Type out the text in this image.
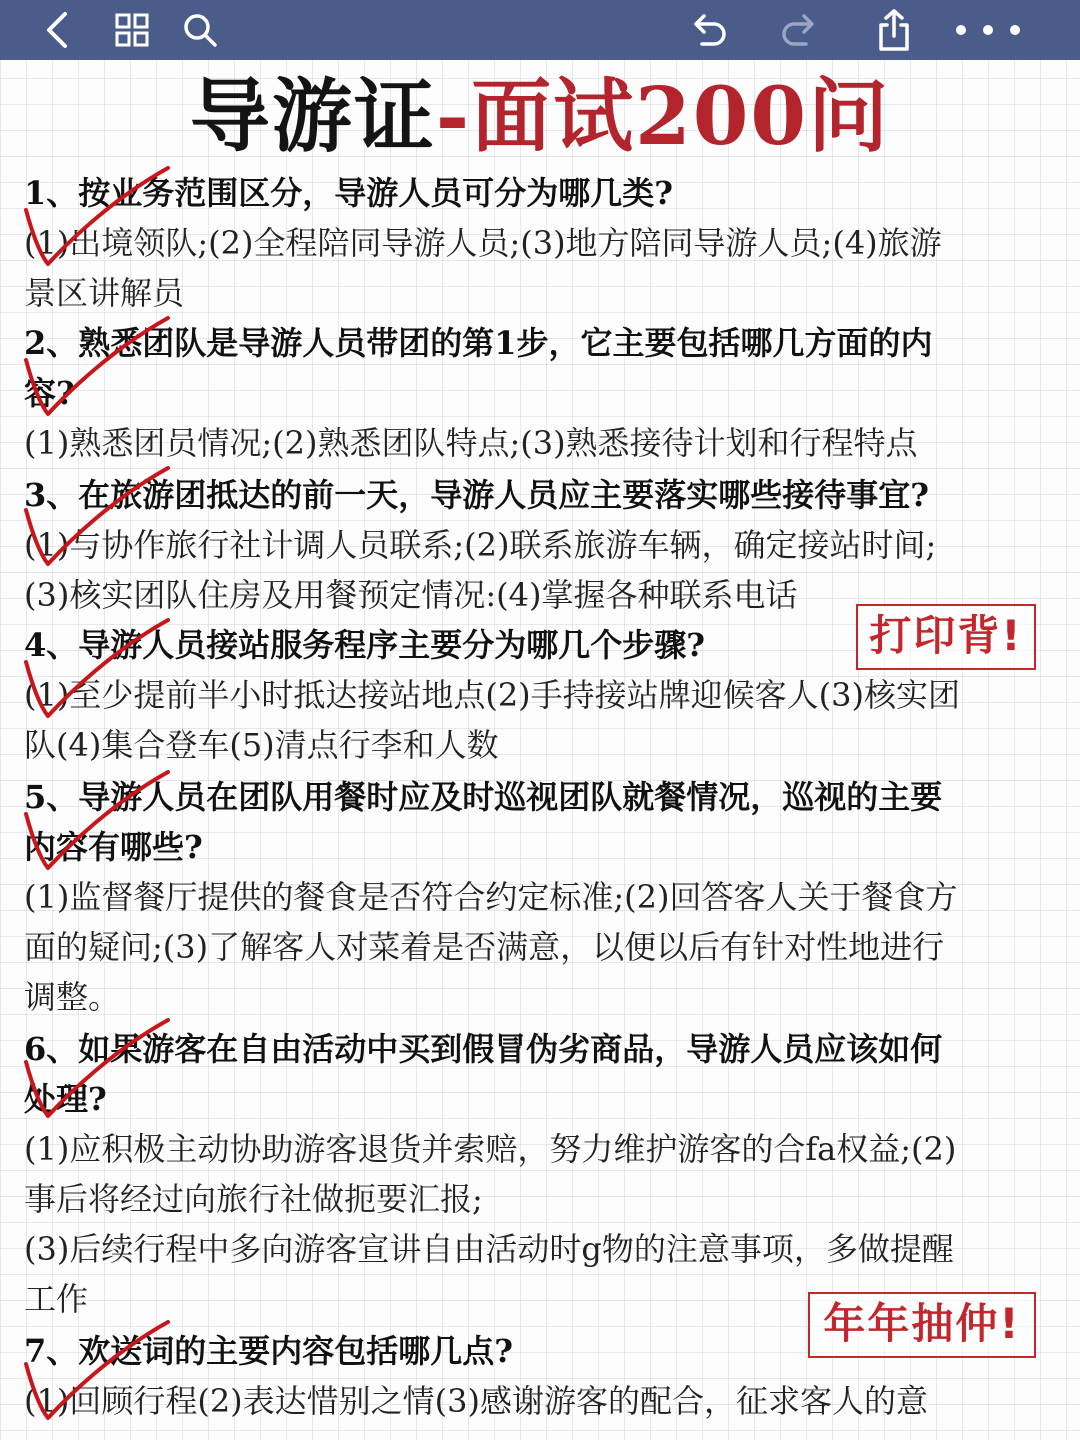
导游证-面试200问
1、按业务范围区分，导游人员可分为哪几类?
(1)出境领队;(2)全程陪同导游人员;(3)地方陪同导游人员;(4)旅游
景区讲解员
2、熟悉团队是导游人员带团的第1步，它主要包括哪几方面的内
容?
(1)熟悉团员情况;(2)熟悉团队特点;(3)熟悉接待计划和行程特点
3、在旅游团抵达的前一天，导游人员应主要落实哪些接待事宜?
(1)与协作旅行社计调人员联系;(2)联系旅游车辆，确定接站时间;
(3)核实团队住房及用餐预定情况:(4)掌握各种联系电话
4、导游人员接站服务程序主要分为哪几个步骤?
(1)至少提前半小时抵达接站地点(2)手持接站牌迎候客人(3)核实团
队(4)集合登车(5)清点行李和人数
5、导游人员在团队用餐时应及时巡视团队就餐情况，巡视的主要
内容有哪些?
(1)监督餐厅提供的餐食是否符合约定标准;(2)回答客人关于餐食方
面的疑问;(3)了解客人对菜着是否满意，以便以后有针对性地进行
调整。
6、如果游客在自由活动中买到假冒伪劣商品，导游人员应该如何
处理?
(1)应积极主动协助游客退货并索赔，努力维护游客的合fa权益;(2)
事后将经过向旅行社做扼要汇报;
(3)后续行程中多向游客宣讲自由活动时g物的注意事项，多做提醒
工作
7、欢送词的主要内容包括哪几点?
(1)回顾行程(2)表达惜别之情(3)感谢游客的配合，征求客人的意
打印背!
年年抽仲!
